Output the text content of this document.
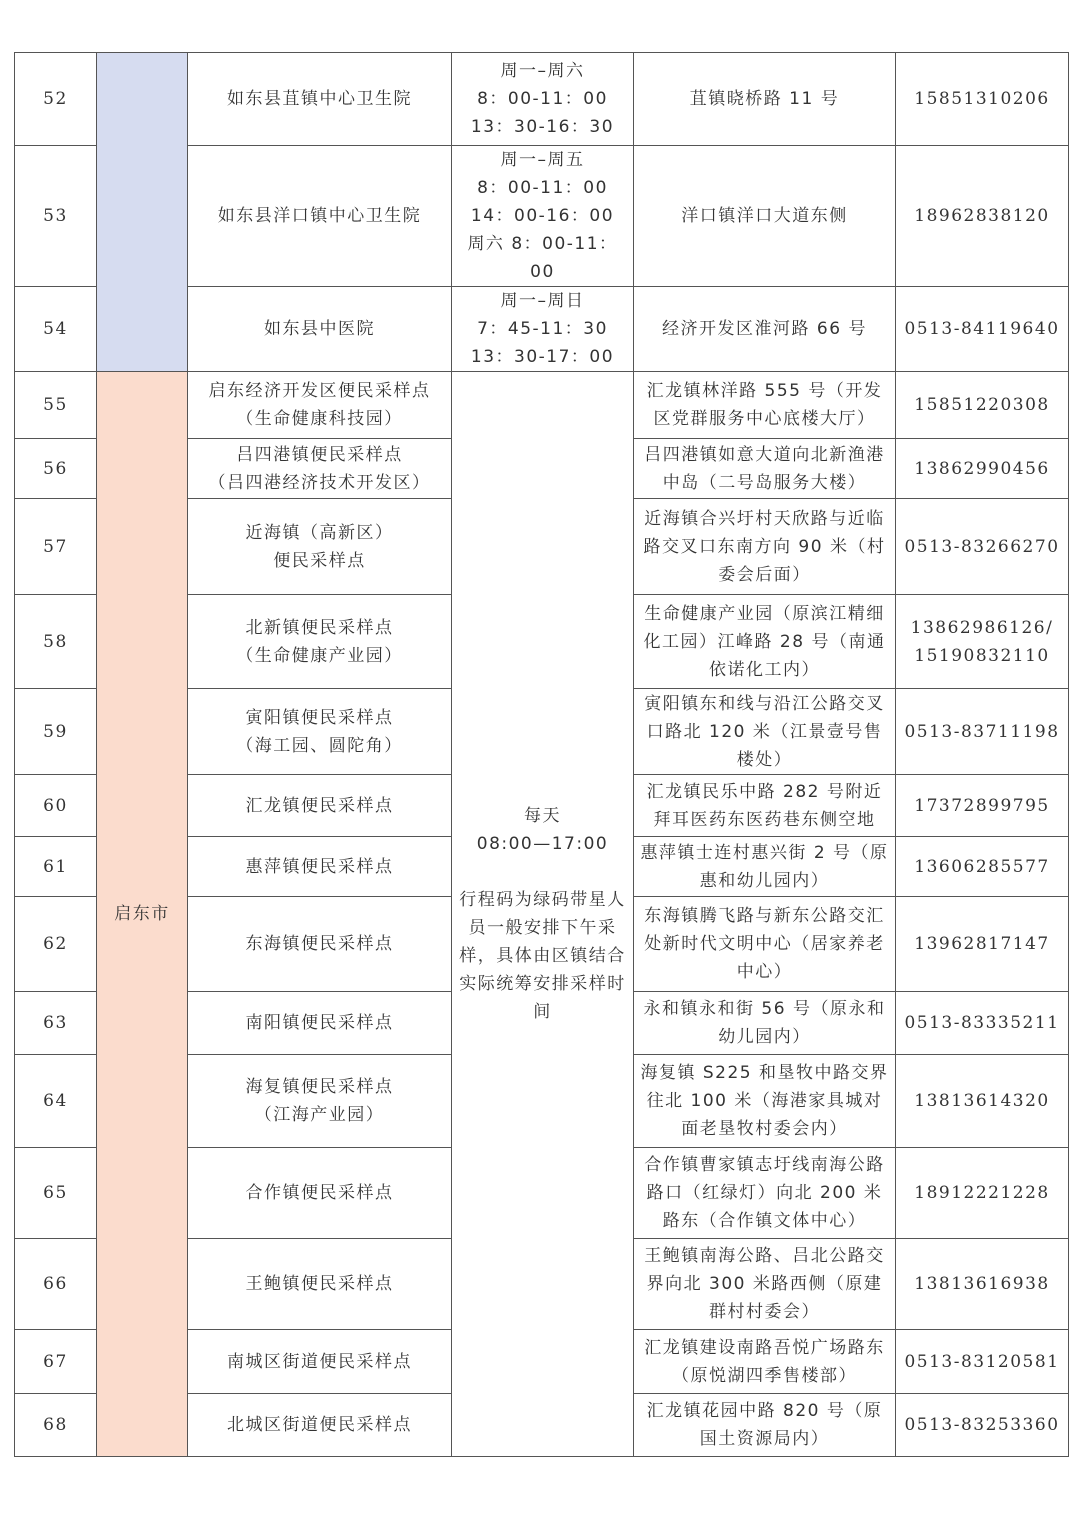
52		如东县苴镇中心卫生院	周一–周六
8：00-11：00
13：30-16：30	苴镇晓桥路 11 号	15851310206
53		如东县洋口镇中心卫生院	周一–周五
8：00-11：00
14：00-16：00
周六 8：00-11：00	洋口镇洋口大道东侧	18962838120
54		如东县中医院	周一–周日
7：45-11：30
13：30-17：00	经济开发区淮河路 66 号	0513-84119640
55	启东市	启东经济开发区便民采样点
（生命健康科技园）	每天
08:00—17:00

行程码为绿码带星人员一般安排下午采样，具体由区镇结合实际统筹安排采样时间	汇龙镇林洋路 555 号（开发区党群服务中心底楼大厅）	15851220308
56		吕四港镇便民采样点
（吕四港经济技术开发区）		吕四港镇如意大道向北新渔港中岛（二号岛服务大楼）	13862990456
57		近海镇（高新区）
便民采样点		近海镇合兴圩村天欣路与近临路交叉口东南方向 90 米（村委会后面）	0513-83266270
58		北新镇便民采样点
（生命健康产业园）		生命健康产业园（原滨江精细化工园）江峰路 28 号（南通依诺化工内）	13862986126/
15190832110
59		寅阳镇便民采样点
（海工园、圆陀角）		寅阳镇东和线与沿江公路交叉口路北 120 米（江景壹号售楼处）	0513-83711198
60		汇龙镇便民采样点		汇龙镇民乐中路 282 号附近拜耳医药东医药巷东侧空地	17372899795
61		惠萍镇便民采样点		惠萍镇士连村惠兴街 2 号（原惠和幼儿园内）	13606285577
62		东海镇便民采样点		东海镇腾飞路与新东公路交汇处新时代文明中心（居家养老中心）	13962817147
63		南阳镇便民采样点		永和镇永和街 56 号（原永和幼儿园内）	0513-83335211
64		海复镇便民采样点
（江海产业园）		海复镇 S225 和垦牧中路交界往北 100 米（海港家具城对面老垦牧村委会内）	13813614320
65		合作镇便民采样点		合作镇曹家镇志圩线南海公路路口（红绿灯）向北 200 米路东（合作镇文体中心）	18912221228
66		王鲍镇便民采样点		王鲍镇南海公路、吕北公路交界向北 300 米路西侧（原建群村村委会）	13813616938
67		南城区街道便民采样点		汇龙镇建设南路吾悦广场路东（原悦湖四季售楼部）	0513-83120581
68		北城区街道便民采样点		汇龙镇花园中路 820 号（原国土资源局内）	0513-83253360
